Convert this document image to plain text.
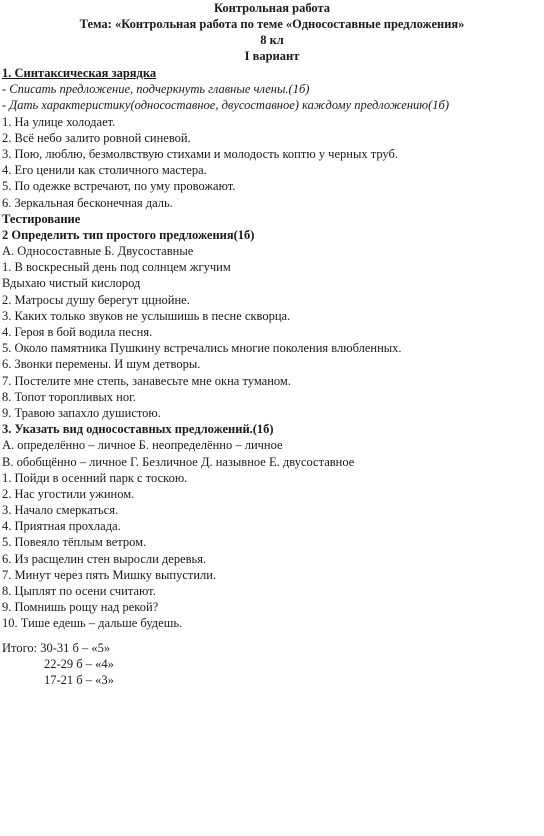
Контрольная работа
Тема: «Контрольная работа по теме «Односоставные предложения»
8 кл
I вариант
1. Синтаксическая зарядка
- Списать предложение, подчеркнуть главные члены.(1б)
- Дать характеристику(односоставное, двусоставное) каждому предложению(1б)
1. На улице холодает.
2. Всё небо залито ровной синевой.
3. Пою, люблю, безмолвствую стихами и молодость коптю у черных труб.
4. Его ценили как столичного мастера.
5. По одежке встречают, по уму провожают.
6. Зеркальная бесконечная даль.
Тестирование
2 Определить тип простого предложения(1б)
А. Односоставные Б. Двусоставные
1. В воскресный день под солнцем жгучим
Вдыхаю чистый кислород
2. Матросы душу берегут ццнойне.
3. Каких только звуков не услышишь в песне скворца.
4. Героя в бой водила песня.
5. Около памятника Пушкину встречались многие поколения влюбленных.
6. Звонки перемены. И шум детворы.
7. Постелите мне степь, занавесьте мне окна туманом.
8. Топот торопливых ног.
9. Травою запахло душистою.
3. Указать вид односоставных предложений.(1б)
А. определённо – личное Б. неопределённо – личное
В. обобщённо – личное Г. Безличное Д. назывное Е. двусоставное
1. Пойди в осенний парк с тоскою.
2. Нас угостили ужином.
3. Начало смеркаться.
4. Приятная прохлада.
5. Повеяло тёплым ветром.
6. Из расщелин стен выросли деревья.
7. Минут через пять Мишку выпустили.
8. Цыплят по осени считают.
9. Помнишь рощу над рекой?
10. Тише едешь – дальше будешь.
Итого: 30-31 б – «5»
22-29 б – «4»
17-21 б – «3»
